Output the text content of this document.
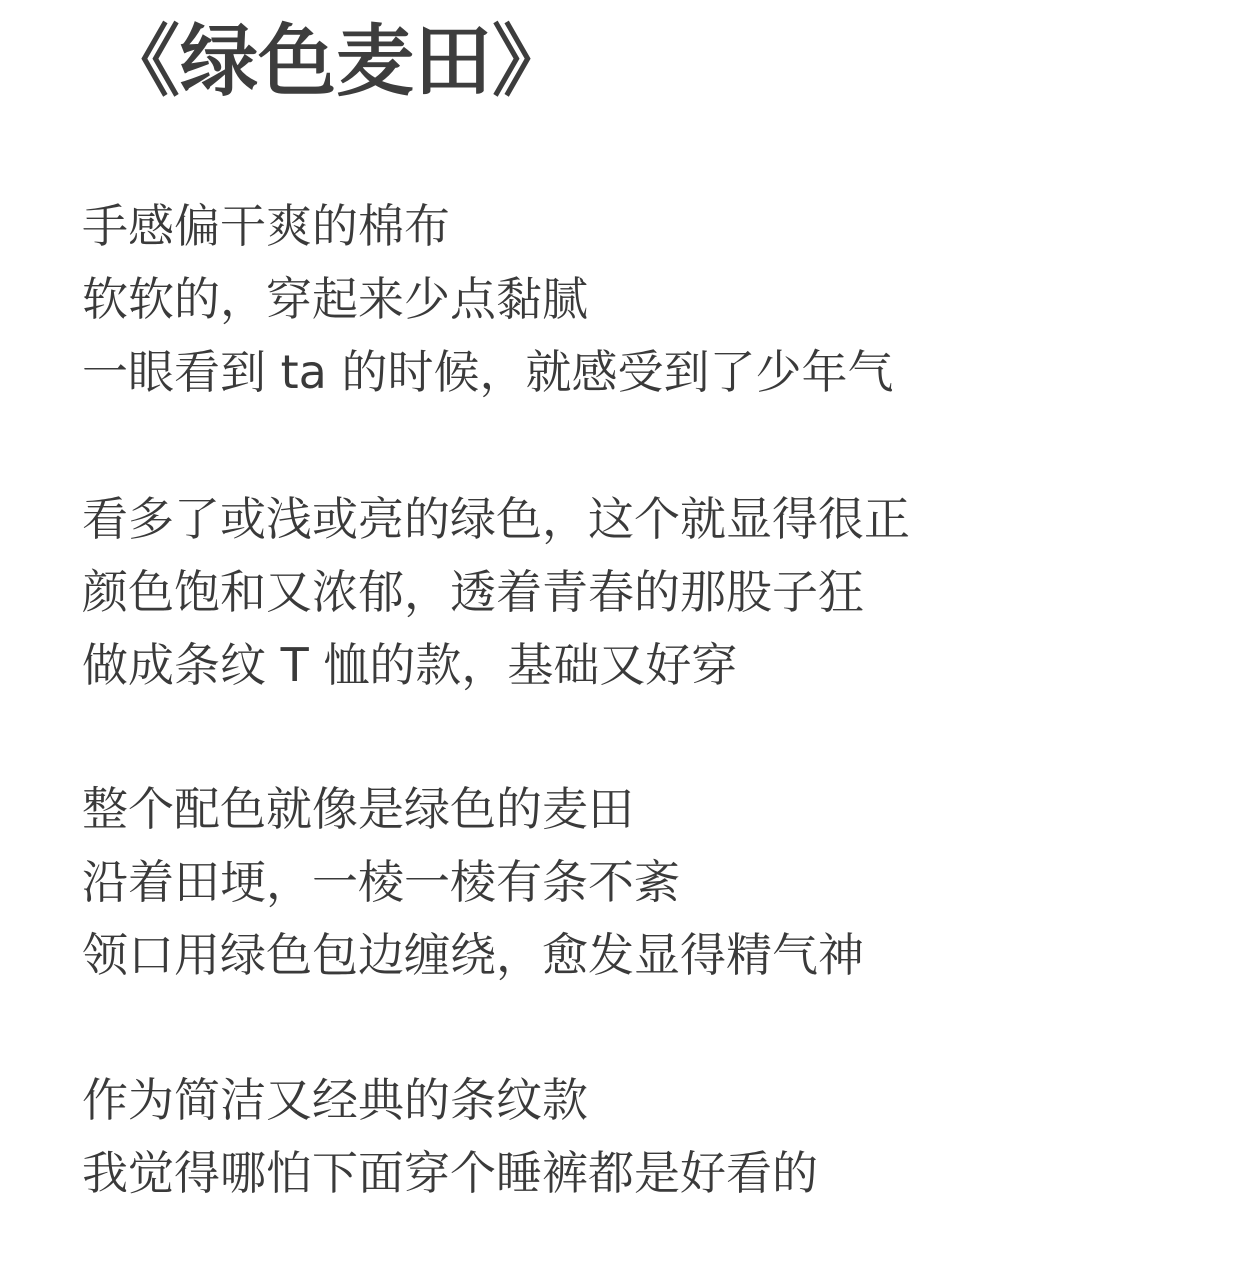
《绿色麦田》
手感偏干爽的棉布
软软的，穿起来少点黏腻
一眼看到 ta 的时候，就感受到了少年气
看多了或浅或亮的绿色，这个就显得很正
颜色饱和又浓郁，透着青春的那股子狂
做成条纹 T 恤的款，基础又好穿
整个配色就像是绿色的麦田
沿着田埂，一棱一棱有条不紊
领口用绿色包边缠绕，愈发显得精气神
作为简洁又经典的条纹款
我觉得哪怕下面穿个睡裤都是好看的
